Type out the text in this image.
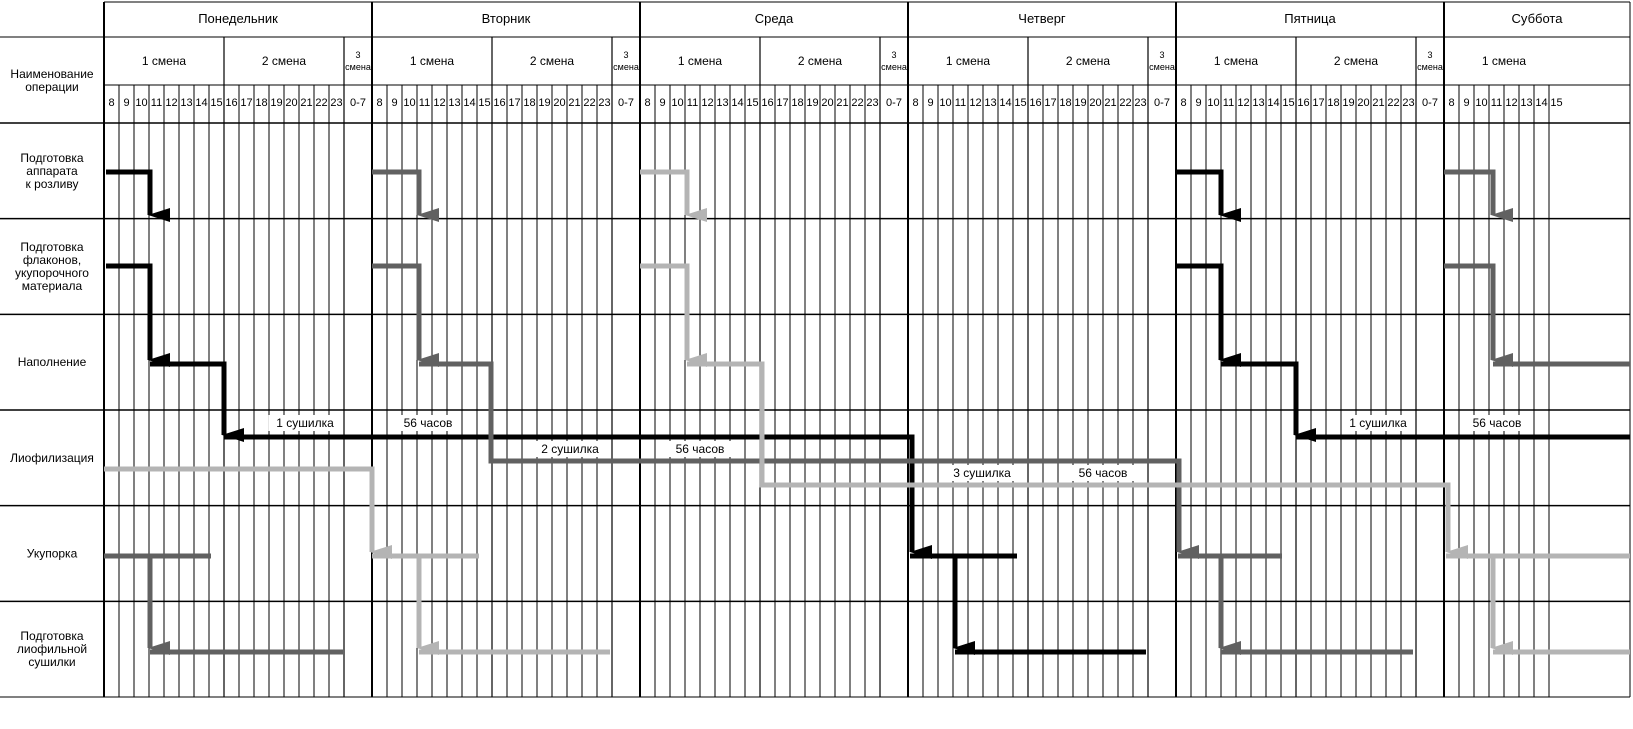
Наименование
операции
Понедельник
1 смена
8 9 10 11 12 13 14 15
2 смена
16 17 18 19 20 21 22 23
3
смена
0-7
Вторник
1 смена
8 9 10 11 12 13 14 15
2 смена
16 17 18 19 20 21 22 23
3
смена
0-7
Среда
1 смена
8 9 10 11 12 13 14 15
2 смена
16 17 18 19 20 21 22 23
3
смена
0-7
Четверг
1 смена
8 9 10 11 12 13 14 15
2 смена
16 17 18 19 20 21 22 23
3
смена
0-7
Пятница
1 смена
8 9 10 11 12 13 14 15
2 смена
16 17 18 19 20 21 22 23
3
смена
0-7
Суббота
1 смена
8 9 10 11 12 13 14 15
Подготовка
аппарата
к розливу
Подготовка
флаконов,
укупорочного
материала
Наполнение
Лиофилизация
Укупорка
Подготовка
лиофильной
сушилки
1 сушилка	56 часов
2 сушилка	56 часов
3 сушилка	56 часов
1 сушилка	56 часов
